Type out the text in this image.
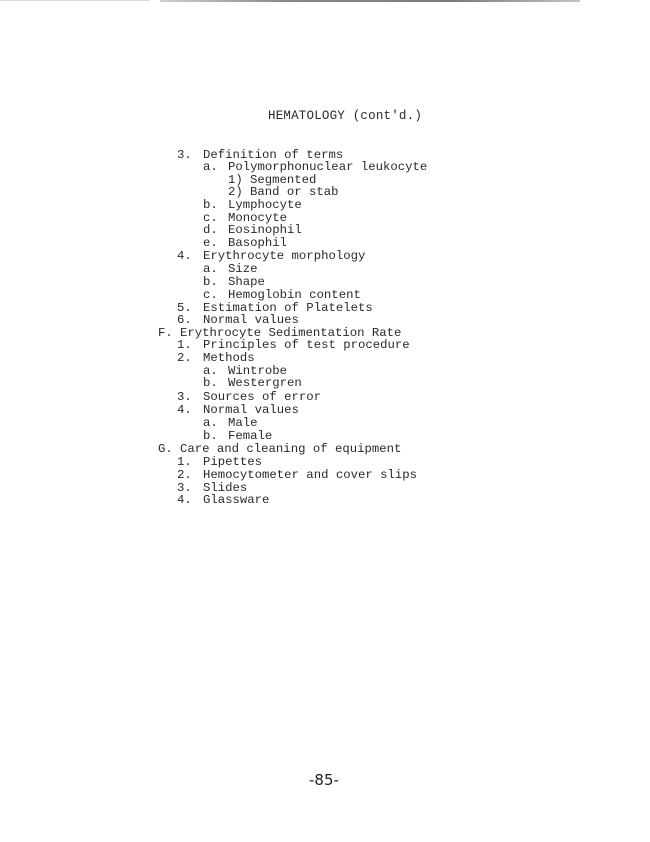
HEMATOLOGY (cont'd.)
3. Definition of terms
a. Polymorphonuclear leukocyte
1) Segmented
2) Band or stab
b. Lymphocyte
c. Monocyte
d. Eosinophil
e. Basophil
4. Erythrocyte morphology
a. Size
b. Shape
c. Hemoglobin content
5. Estimation of Platelets
6. Normal values
F. Erythrocyte Sedimentation Rate
1. Principles of test procedure
2. Methods
a. Wintrobe
b. Westergren
3. Sources of error
4. Normal values
a. Male
b. Female
G. Care and cleaning of equipment
1. Pipettes
2. Hemocytometer and cover slips
3. Slides
4. Glassware
-85-
